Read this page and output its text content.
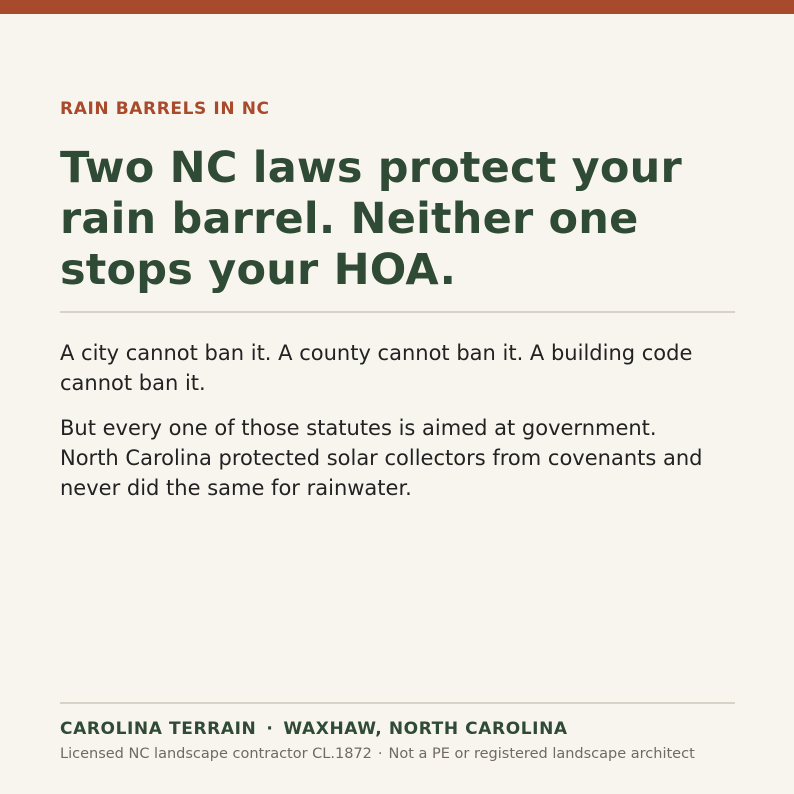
RAIN BARRELS IN NC
Two NC laws protect your
rain barrel. Neither one
stops your HOA.

A city cannot ban it. A county cannot ban it. A building code
cannot ban it.

But every one of those statutes is aimed at government.
North Carolina protected solar collectors from covenants and
never did the same for rainwater.

CAROLINA TERRAIN · WAXHAW, NORTH CAROLINA
Licensed NC landscape contractor CL.1872 · Not a PE or registered landscape architect
